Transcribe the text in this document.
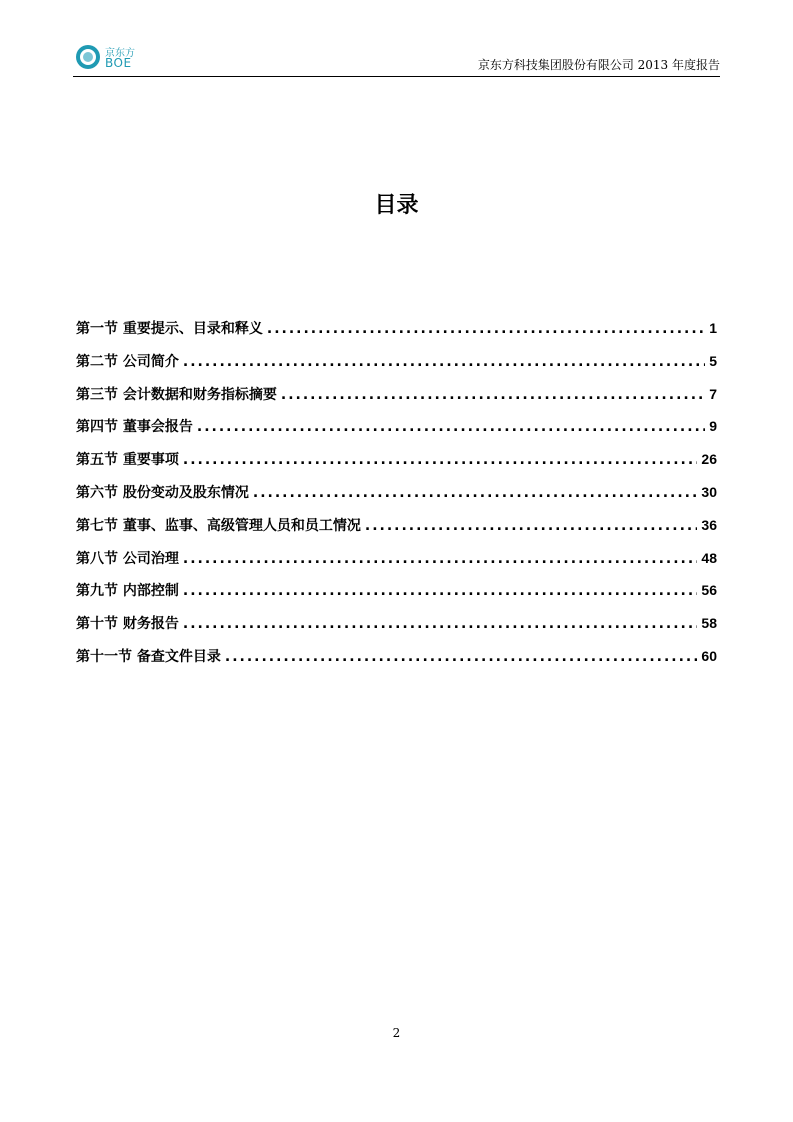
京东方
BOE	京东方科技集团股份有限公司 2013 年度报告
目录
第一节 重要提示、目录和释义 .....	1
第二节 公司简介 .....	5
第三节 会计数据和财务指标摘要 .....	7
第四节 董事会报告 .....	9
第五节 重要事项 .....	26
第六节 股份变动及股东情况 .....	30
第七节 董事、监事、高级管理人员和员工情况 .....	36
第八节 公司治理 .....	48
第九节 内部控制 .....	56
第十节 财务报告 .....	58
第十一节 备查文件目录 .....	60
2
